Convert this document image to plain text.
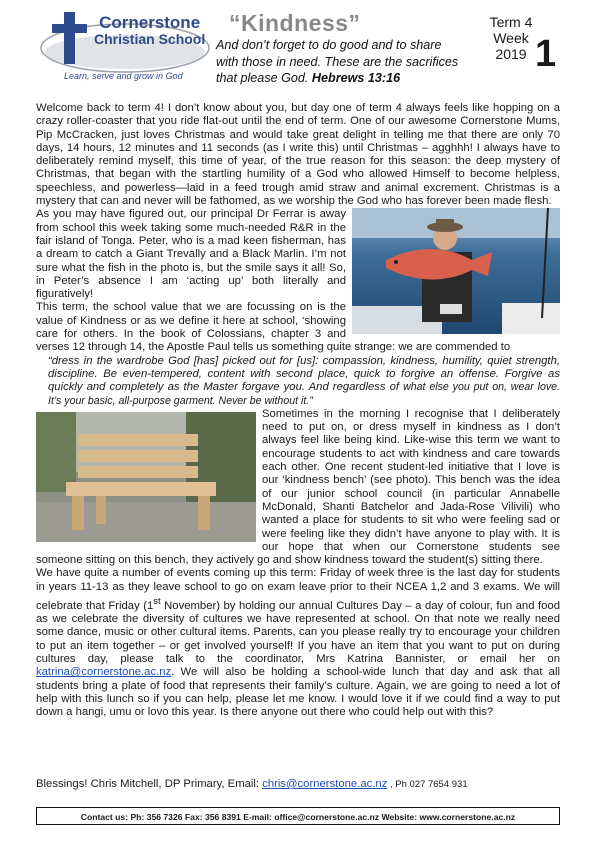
Cornerstone
Christian School
Learn, serve and grow in God
“Kindness”
And don’t forget to do good and to share with those in need. These are the sacrifices that please God. Hebrews 13:16
Term 4
Week
2019 1

Welcome back to term 4! I don’t know about you, but day one of term 4 always feels like hopping on a crazy roller-coaster that you ride flat-out until the end of term. One of our awesome Cornerstone Mums, Pip McCracken, just loves Christmas and would take great delight in telling me that there are only 70 days, 14 hours, 12 minutes and 11 seconds (as I write this) until Christmas – agghhh! I always have to deliberately remind myself, this time of year, of the true reason for this season: the deep mystery of Christmas, that began with the startling humility of a God who allowed Himself to become helpless, speechless, and powerless—laid in a feed trough amid straw and animal excrement. Christmas is a mystery that can and never will be fathomed, as we worship the God who has forever been made flesh.

As you may have figured out, our principal Dr Ferrar is away from school this week taking some much-needed R&R in the fair island of Tonga. Peter, who is a mad keen fisherman, has a dream to catch a Giant Trevally and a Black Marlin. I’m not sure what the fish in the photo is, but the smile says it all! So, in Peter’s absence I am ‘acting up’ both literally and figuratively!

This term, the school value that we are focussing on is the value of Kindness or as we define it here at school, ‘showing care for others. In the book of Colossians, chapter 3 and verses 12 through 14, the Apostle Paul tells us something quite strange: we are commended to

“dress in the wardrobe God [has] picked out for [us]: compassion, kindness, humility, quiet strength, discipline. Be even-tempered, content with second place, quick to forgive an offense. Forgive as quickly and completely as the Master forgave you. And regardless of what else you put on, wear love. It’s your basic, all-purpose garment. Never be without it.”

Sometimes in the morning I recognise that I deliberately need to put on, or dress myself in kindness as I don’t always feel like being kind. Like-wise this term we want to encourage students to act with kindness and care towards each other. One recent student-led initiative that I love is our ‘kindness bench’ (see photo). This bench was the idea of our junior school council (in particular Annabelle McDonald, Shanti Batchelor and Jada-Rose Vilivili) who wanted a place for students to sit who were feeling sad or were feeling like they didn’t have anyone to play with. It is our hope that when our Cornerstone students see someone sitting on this bench, they actively go and show kindness toward the student(s) sitting there.

We have quite a number of events coming up this term: Friday of week three is the last day for students in years 11-13 as they leave school to go on exam leave prior to their NCEA 1,2 and 3 exams. We will celebrate that Friday (1st November) by holding our annual Cultures Day – a day of colour, fun and food as we celebrate the diversity of cultures we have represented at school. On that note we really need some dance, music or other cultural items. Parents, can you please really try to encourage your children to put an item together – or get involved yourself! If you have an item that you want to put on during cultures day, please talk to the coordinator, Mrs Katrina Bannister, or email her on katrina@cornerstone.ac.nz. We will also be holding a school-wide lunch that day and ask that all students bring a plate of food that represents their family’s culture. Again, we are going to need a lot of help with this lunch so if you can help, please let me know. I would love it if we could find a way to put down a hangi, umu or lovo this year. Is there anyone out there who could help out with this?

Blessings! Chris Mitchell, DP Primary, Email: chris@cornerstone.ac.nz , Ph 027 7654 931
Contact us: Ph: 356 7326 Fax: 356 8391 E-mail: office@cornerstone.ac.nz Website: www.cornerstone.ac.nz
